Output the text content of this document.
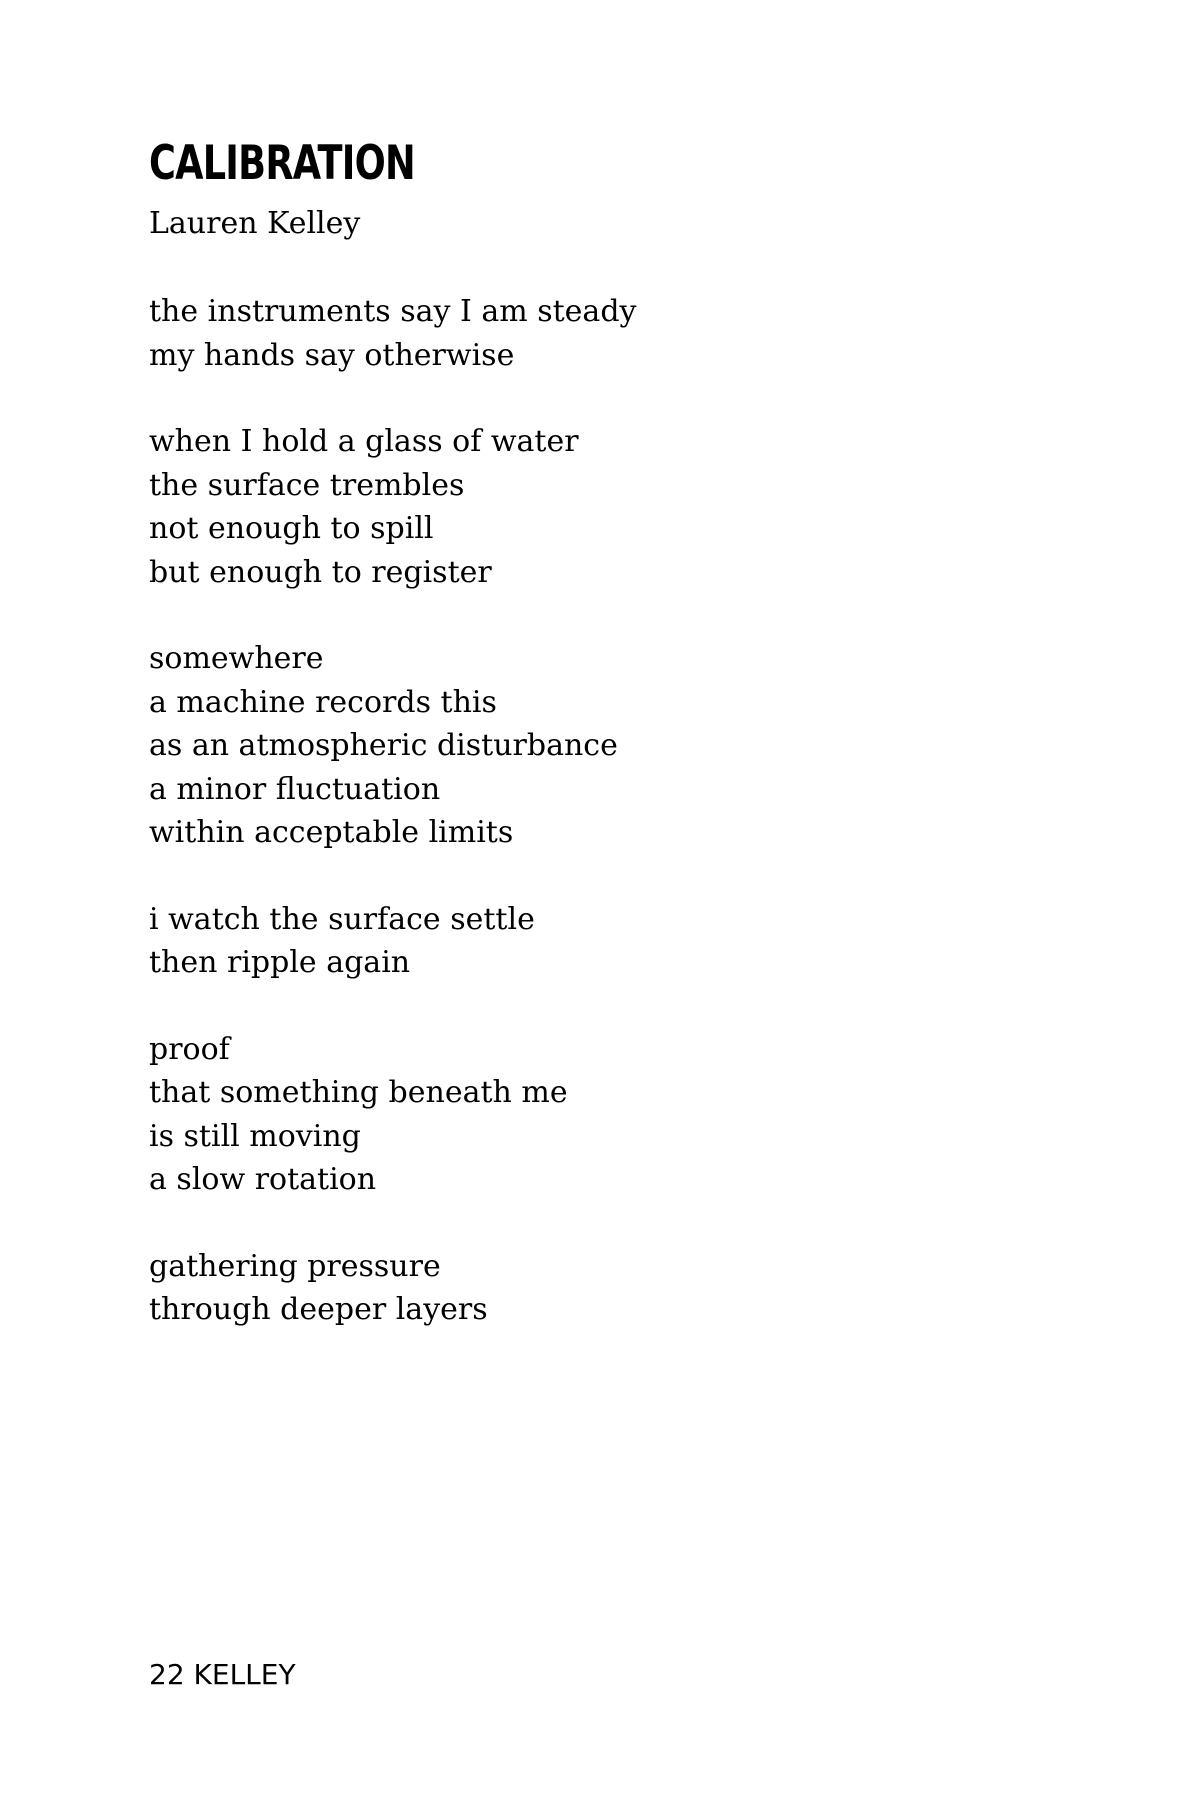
CALIBRATION

Lauren Kelley

the instruments say I am steady
my hands say otherwise
when I hold a glass of water
the surface trembles
not enough to spill
but enough to register
somewhere
a machine records this
as an atmospheric disturbance
a minor fluctuation
within acceptable limits
i watch the surface settle
then ripple again
proof
that something beneath me
is still moving
a slow rotation
gathering pressure
through deeper layers

22 KELLEY
